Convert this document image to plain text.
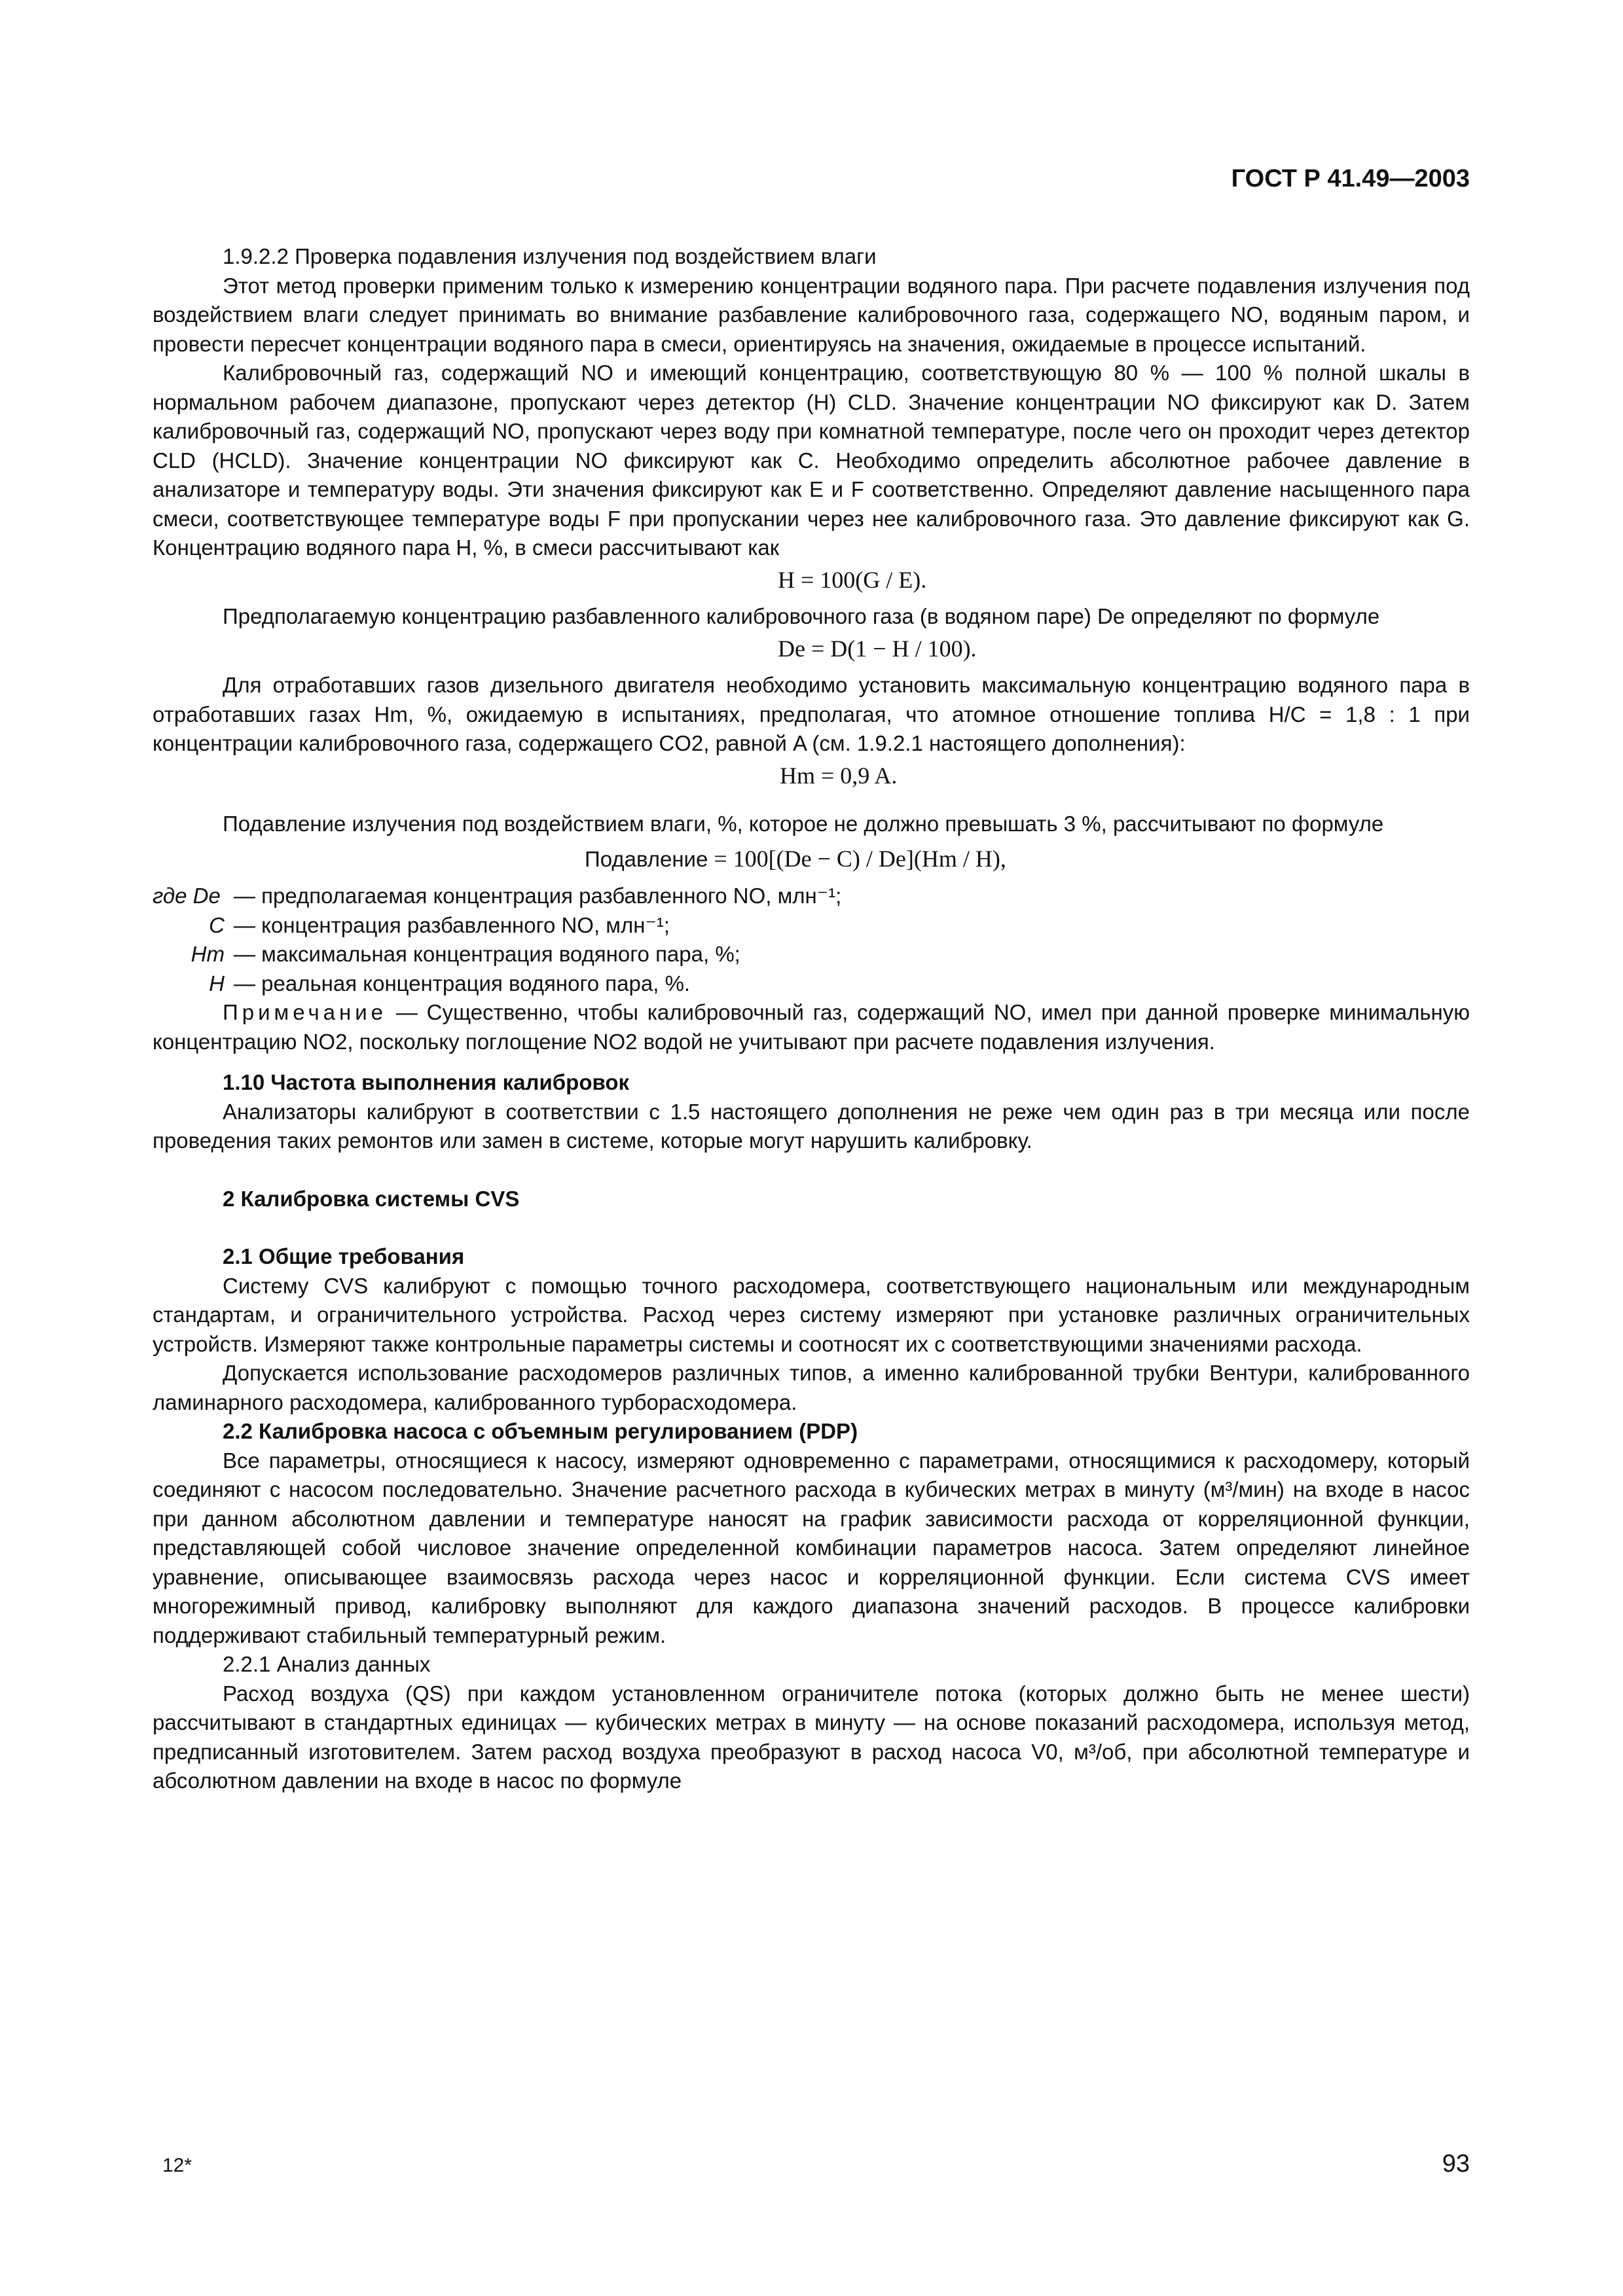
ГОСТ Р 41.49—2003

1.9.2.2 Проверка подавления излучения под воздействием влаги

Этот метод проверки применим только к измерению концентрации водяного пара. При расчете подавления излучения под воздействием влаги следует принимать во внимание разбавление калибровочного газа, содержащего NO, водяным паром, и провести пересчет концентрации водяного пара в смеси, ориентируясь на значения, ожидаемые в процессе испытаний.

Калибровочный газ, содержащий NO и имеющий концентрацию, соответствующую 80 % — 100 % полной шкалы в нормальном рабочем диапазоне, пропускают через детектор (H) CLD. Значение концентрации NO фиксируют как D. Затем калибровочный газ, содержащий NO, пропускают через воду при комнатной температуре, после чего он проходит через детектор CLD (HCLD). Значение концентрации NO фиксируют как C. Необходимо определить абсолютное рабочее давление в анализаторе и температуру воды. Эти значения фиксируют как E и F соответственно. Определяют давление насыщенного пара смеси, соответствующее температуре воды F при пропускании через нее калибровочного газа. Это давление фиксируют как G. Концентрацию водяного пара H, %, в смеси рассчитывают как

H = 100(G / E).

Предполагаемую концентрацию разбавленного калибровочного газа (в водяном паре) De определяют по формуле

De = D(1 − H / 100).

Для отработавших газов дизельного двигателя необходимо установить максимальную концентрацию водяного пара в отработавших газах Hm, %, ожидаемую в испытаниях, предполагая, что атомное отношение топлива H/C = 1,8 : 1 при концентрации калибровочного газа, содержащего CO2, равной A (см. 1.9.2.1 настоящего дополнения):

Hm = 0,9 A.

Подавление излучения под воздействием влаги, %, которое не должно превышать 3 %, рассчитывают по формуле

Подавление = 100[(De − C) / De](Hm / H),
где De — предполагаемая концентрация разбавленного NO, млн⁻¹;
C — концентрация разбавленного NO, млн⁻¹;
Hm — максимальная концентрация водяного пара, %;
H — реальная концентрация водяного пара, %.

Примечание — Существенно, чтобы калибровочный газ, содержащий NO, имел при данной проверке минимальную концентрацию NO2, поскольку поглощение NO2 водой не учитывают при расчете подавления излучения.

1.10 Частота выполнения калибровок

Анализаторы калибруют в соответствии с 1.5 настоящего дополнения не реже чем один раз в три месяца или после проведения таких ремонтов или замен в системе, которые могут нарушить калибровку.

2 Калибровка системы CVS

2.1 Общие требования

Систему CVS калибруют с помощью точного расходомера, соответствующего национальным или международным стандартам, и ограничительного устройства. Расход через систему измеряют при установке различных ограничительных устройств. Измеряют также контрольные параметры системы и соотносят их с соответствующими значениями расхода.

Допускается использование расходомеров различных типов, а именно калиброванной трубки Вентури, калиброванного ламинарного расходомера, калиброванного турборасходомера.

2.2 Калибровка насоса с объемным регулированием (PDP)

Все параметры, относящиеся к насосу, измеряют одновременно с параметрами, относящимися к расходомеру, который соединяют с насосом последовательно. Значение расчетного расхода в кубических метрах в минуту (м³/мин) на входе в насос при данном абсолютном давлении и температуре наносят на график зависимости расхода от корреляционной функции, представляющей собой числовое значение определенной комбинации параметров насоса. Затем определяют линейное уравнение, описывающее взаимосвязь расхода через насос и корреляционной функции. Если система CVS имеет многорежимный привод, калибровку выполняют для каждого диапазона значений расходов. В процессе калибровки поддерживают стабильный температурный режим.

2.2.1 Анализ данных

Расход воздуха (QS) при каждом установленном ограничителе потока (которых должно быть не менее шести) рассчитывают в стандартных единицах — кубических метрах в минуту — на основе показаний расходомера, используя метод, предписанный изготовителем. Затем расход воздуха преобразуют в расход насоса V0, м³/об, при абсолютной температуре и абсолютном давлении на входе в насос по формуле

12*	93
